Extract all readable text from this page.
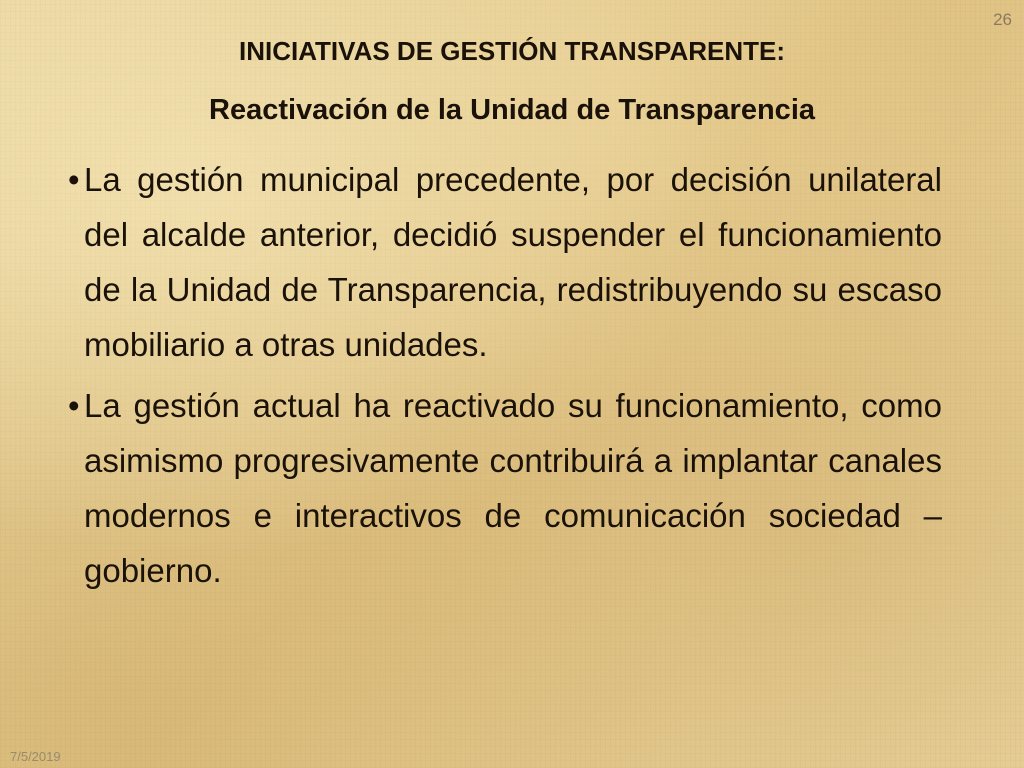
26
INICIATIVAS DE GESTIÓN TRANSPARENTE:
Reactivación de la Unidad de Transparencia
• La gestión municipal precedente, por decisión unilateral del alcalde anterior, decidió suspender el funcionamiento de la Unidad de Transparencia, redistribuyendo su escaso mobiliario a otras unidades.
• La gestión actual ha reactivado su funcionamiento, como asimismo progresivamente contribuirá a implantar canales modernos e interactivos de comunicación sociedad – gobierno.
7/5/2019
